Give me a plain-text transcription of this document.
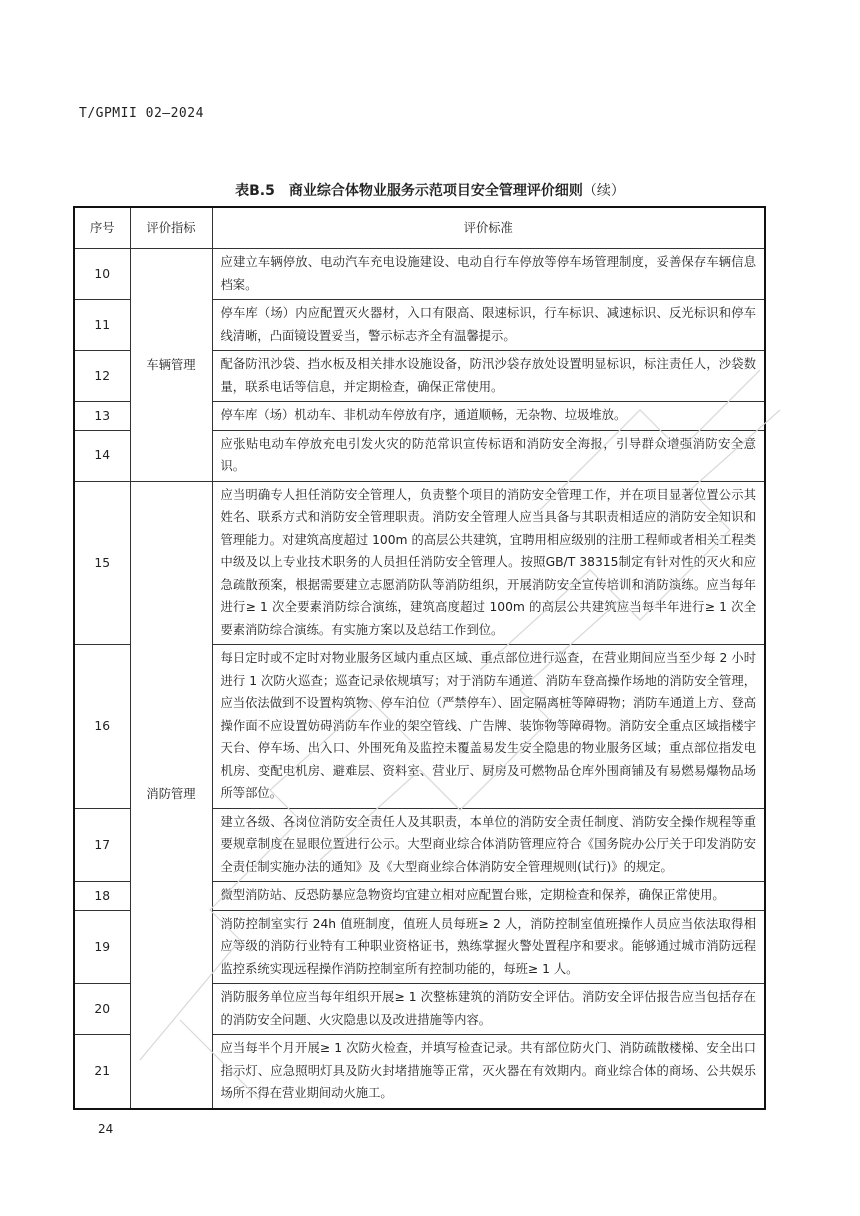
T/GPMII 02—2024
表B.5　商业综合体物业服务示范项目安全管理评价细则（续）
序号	评价指标	评价标准
10	车辆管理	应建立车辆停放、电动汽车充电设施建设、电动自行车停放等停车场管理制度，妥善保存车辆信息档案。
11		停车库（场）内应配置灭火器材，入口有限高、限速标识，行车标识、减速标识、反光标识和停车线清晰，凸面镜设置妥当，警示标志齐全有温馨提示。
12		配备防汛沙袋、挡水板及相关排水设施设备，防汛沙袋存放处设置明显标识，标注责任人，沙袋数量，联系电话等信息，并定期检查，确保正常使用。
13		停车库（场）机动车、非机动车停放有序，通道顺畅，无杂物、垃圾堆放。
14		应张贴电动车停放充电引发火灾的防范常识宣传标语和消防安全海报，引导群众增强消防安全意识。
15	消防管理	应当明确专人担任消防安全管理人，负责整个项目的消防安全管理工作，并在项目显著位置公示其姓名、联系方式和消防安全管理职责。消防安全管理人应当具备与其职责相适应的消防安全知识和管理能力。对建筑高度超过 100m 的高层公共建筑，宜聘用相应级别的注册工程师或者相关工程类中级及以上专业技术职务的人员担任消防安全管理人。按照GB/T 38315制定有针对性的灭火和应急疏散预案，根据需要建立志愿消防队等消防组织，开展消防安全宣传培训和消防演练。应当每年进行≥ 1 次全要素消防综合演练，建筑高度超过 100m 的高层公共建筑应当每半年进行≥ 1 次全要素消防综合演练。有实施方案以及总结工作到位。
16		每日定时或不定时对物业服务区域内重点区域、重点部位进行巡查，在营业期间应当至少每 2 小时进行 1 次防火巡查；巡查记录依规填写；对于消防车通道、消防车登高操作场地的消防安全管理，应当依法做到不设置构筑物、停车泊位（严禁停车）、固定隔离桩等障碍物；消防车通道上方、登高操作面不应设置妨碍消防车作业的架空管线、广告牌、装饰物等障碍物。消防安全重点区域指楼宇天台、停车场、出入口、外围死角及监控未覆盖易发生安全隐患的物业服务区域；重点部位指发电机房、变配电机房、避难层、资料室、营业厅、厨房及可燃物品仓库外围商铺及有易燃易爆物品场所等部位。
17		建立各级、各岗位消防安全责任人及其职责，本单位的消防安全责任制度、消防安全操作规程等重要规章制度在显眼位置进行公示。大型商业综合体消防管理应符合《国务院办公厅关于印发消防安全责任制实施办法的通知》及《大型商业综合体消防安全管理规则(试行)》的规定。
18		微型消防站、反恐防暴应急物资均宜建立相对应配置台账，定期检查和保养，确保正常使用。
19		消防控制室实行 24h 值班制度，值班人员每班≥ 2 人，消防控制室值班操作人员应当依法取得相应等级的消防行业特有工种职业资格证书，熟练掌握火警处置程序和要求。能够通过城市消防远程监控系统实现远程操作消防控制室所有控制功能的，每班≥ 1 人。
20		消防服务单位应当每年组织开展≥ 1 次整栋建筑的消防安全评估。消防安全评估报告应当包括存在的消防安全问题、火灾隐患以及改进措施等内容。
21		应当每半个月开展≥ 1 次防火检查，并填写检查记录。共有部位防火门、消防疏散楼梯、安全出口指示灯、应急照明灯具及防火封堵措施等正常，灭火器在有效期内。商业综合体的商场、公共娱乐场所不得在营业期间动火施工。
24
